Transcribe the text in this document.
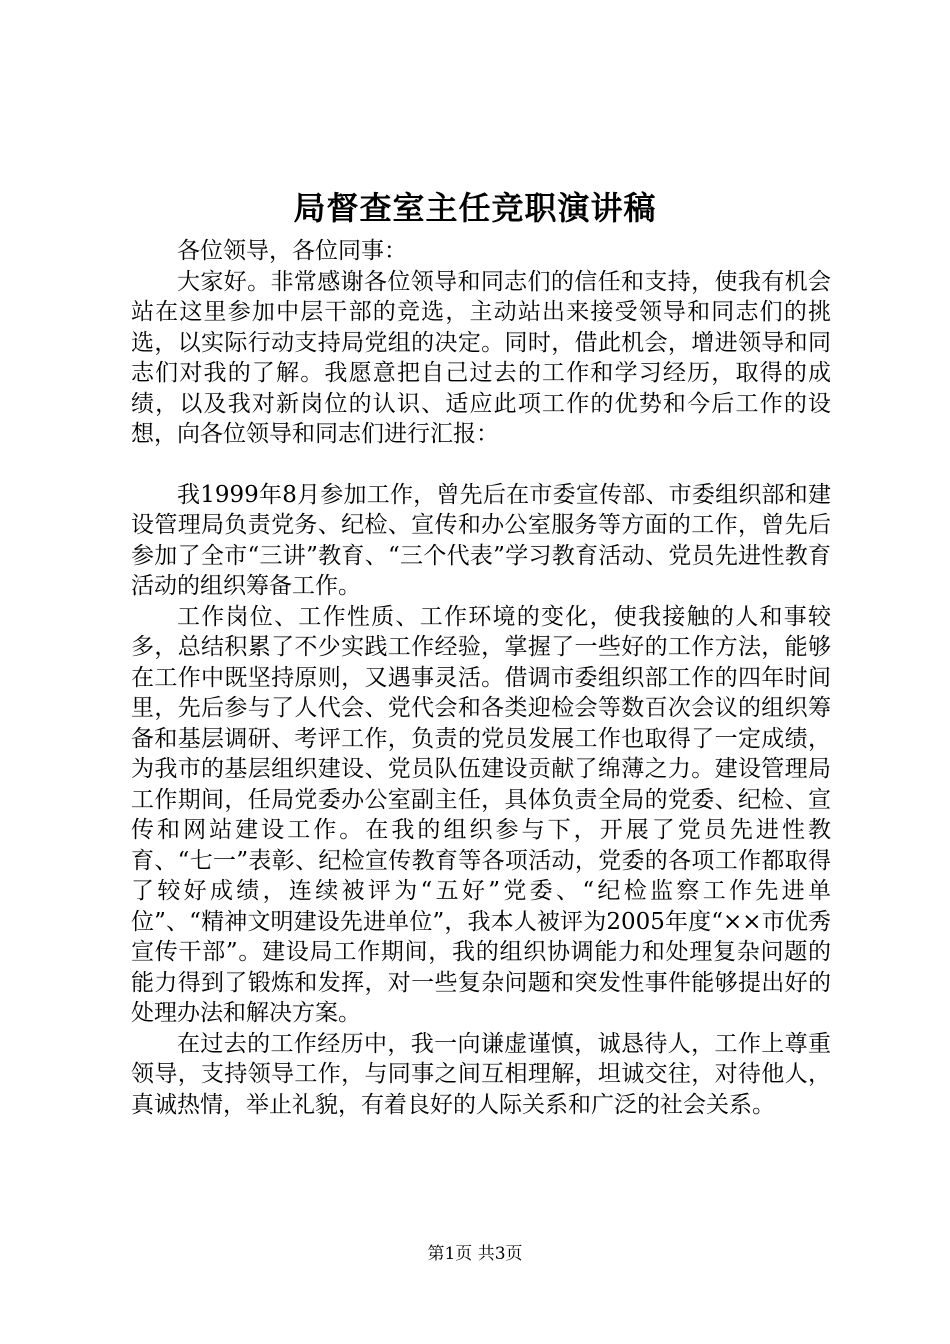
局督查室主任竞职演讲稿

各位领导，各位同事：

大家好。非常感谢各位领导和同志们的信任和支持，使我有机会站在这里参加中层干部的竞选，主动站出来接受领导和同志们的挑选，以实际行动支持局党组的决定。同时，借此机会，增进领导和同志们对我的了解。我愿意把自己过去的工作和学习经历，取得的成绩，以及我对新岗位的认识、适应此项工作的优势和今后工作的设想，向各位领导和同志们进行汇报：

我1999年8月参加工作，曾先后在市委宣传部、市委组织部和建设管理局负责党务、纪检、宣传和办公室服务等方面的工作，曾先后参加了全市“三讲”教育、“三个代表”学习教育活动、党员先进性教育活动的组织筹备工作。

工作岗位、工作性质、工作环境的变化，使我接触的人和事较多，总结积累了不少实践工作经验，掌握了一些好的工作方法，能够在工作中既坚持原则，又遇事灵活。借调市委组织部工作的四年时间里，先后参与了人代会、党代会和各类迎检会等数百次会议的组织筹备和基层调研、考评工作，负责的党员发展工作也取得了一定成绩，为我市的基层组织建设、党员队伍建设贡献了绵薄之力。建设管理局工作期间，任局党委办公室副主任，具体负责全局的党委、纪检、宣传和网站建设工作。在我的组织参与下，开展了党员先进性教育、“七一”表彰、纪检宣传教育等各项活动，党委的各项工作都取得了较好成绩，连续被评为“五好”党委、“纪检监察工作先进单位”、“精神文明建设先进单位”，我本人被评为2005年度“××市优秀宣传干部”。建设局工作期间，我的组织协调能力和处理复杂问题的能力得到了锻炼和发挥，对一些复杂问题和突发性事件能够提出好的处理办法和解决方案。

在过去的工作经历中，我一向谦虚谨慎，诚恳待人，工作上尊重领导，支持领导工作，与同事之间互相理解，坦诚交往，对待他人，真诚热情，举止礼貌，有着良好的人际关系和广泛的社会关系。

第1页 共3页
